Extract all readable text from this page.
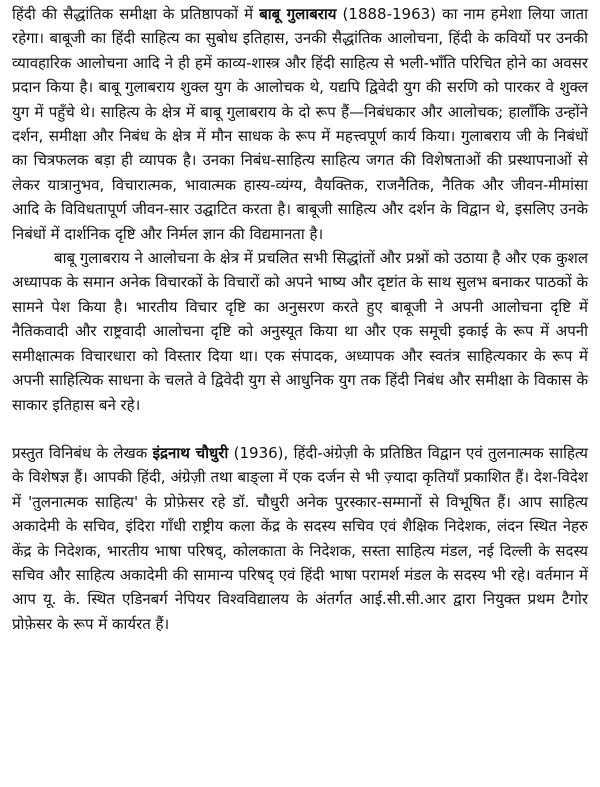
हिंदी की सैद्धांतिक समीक्षा के प्रतिष्ठापकों में बाबू गुलाबराय (1888-1963) का नाम हमेशा लिया जाता रहेगा। बाबूजी का हिंदी साहित्य का सुबोध इतिहास, उनकी सैद्धांतिक आलोचना, हिंदी के कवियों पर उनकी व्यावहारिक आलोचना आदि ने ही हमें काव्य-शास्त्र और हिंदी साहित्य से भली-भाँति परिचित होने का अवसर प्रदान किया है। बाबू गुलाबराय शुक्ल युग के आलोचक थे, यद्यपि द्विवेदी युग की सरणि को पारकर वे शुक्ल युग में पहुँचे थे। साहित्य के क्षेत्र में बाबू गुलाबराय के दो रूप हैं—निबंधकार और आलोचक; हालाँकि उन्होंने दर्शन, समीक्षा और निबंध के क्षेत्र में मौन साधक के रूप में महत्त्वपूर्ण कार्य किया। गुलाबराय जी के निबंधों का चित्रफलक बड़ा ही व्यापक है। उनका निबंध-साहित्य साहित्य जगत की विशेषताओं की प्रस्थापनाओं से लेकर यात्रानुभव, विचारात्मक, भावात्मक हास्य-व्यंग्य, वैयक्तिक, राजनैतिक, नैतिक और जीवन-मीमांसा आदि के विविधतापूर्ण जीवन-सार उद्घाटित करता है। बाबूजी साहित्य और दर्शन के विद्वान थे, इसलिए उनके निबंधों में दार्शनिक दृष्टि और निर्मल ज्ञान की विद्यमानता है।

बाबू गुलाबराय ने आलोचना के क्षेत्र में प्रचलित सभी सिद्धांतों और प्रश्नों को उठाया है और एक कुशल अध्यापक के समान अनेक विचारकों के विचारों को अपने भाष्य और दृष्टांत के साथ सुलभ बनाकर पाठकों के सामने पेश किया है। भारतीय विचार दृष्टि का अनुसरण करते हुए बाबूजी ने अपनी आलोचना दृष्टि में नैतिकवादी और राष्ट्रवादी आलोचना दृष्टि को अनुस्यूत किया था और एक समूची इकाई के रूप में अपनी समीक्षात्मक विचारधारा को विस्तार दिया था। एक संपादक, अध्यापक और स्वतंत्र साहित्यकार के रूप में अपनी साहित्यिक साधना के चलते वे द्विवेदी युग से आधुनिक युग तक हिंदी निबंध और समीक्षा के विकास के साकार इतिहास बने रहे।

प्रस्तुत विनिबंध के लेखक इंद्रनाथ चौधुरी (1936), हिंदी-अंग्रेज़ी के प्रतिष्ठित विद्वान एवं तुलनात्मक साहित्य के विशेषज्ञ हैं। आपकी हिंदी, अंग्रेज़ी तथा बाङ्ला में एक दर्जन से भी ज़्यादा कृतियाँ प्रकाशित हैं। देश-विदेश में 'तुलनात्मक साहित्य' के प्रोफ़ेसर रहे डॉ. चौधुरी अनेक पुरस्कार-सम्मानों से विभूषित हैं। आप साहित्य अकादेमी के सचिव, इंदिरा गाँधी राष्ट्रीय कला केंद्र के सदस्य सचिव एवं शैक्षिक निदेशक, लंदन स्थित नेहरु केंद्र के निदेशक, भारतीय भाषा परिषद्, कोलकाता के निदेशक, सस्ता साहित्य मंडल, नई दिल्ली के सदस्य सचिव और साहित्य अकादेमी की सामान्य परिषद् एवं हिंदी भाषा परामर्श मंडल के सदस्य भी रहे। वर्तमान में आप यू. के. स्थित एडिनबर्ग नेपियर विश्वविद्यालय के अंतर्गत आई.सी.सी.आर द्वारा नियुक्त प्रथम टैगोर प्रोफ़ेसर के रूप में कार्यरत हैं।
